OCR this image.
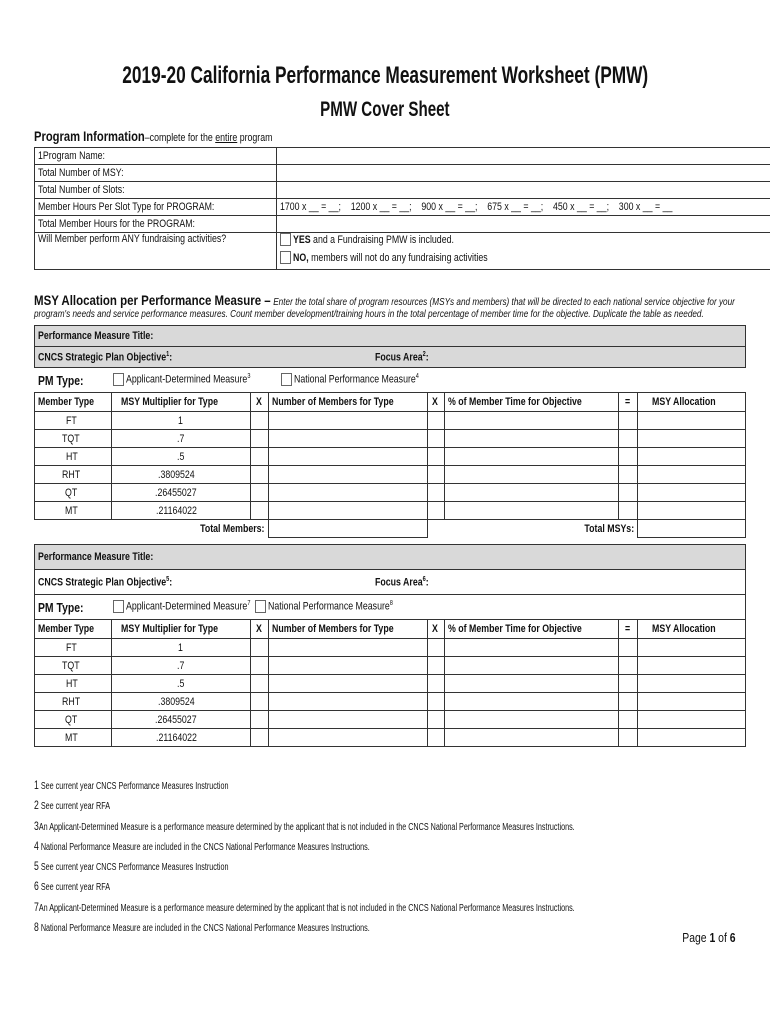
2019-20 California Performance Measurement Worksheet (PMW)
PMW Cover Sheet
Program Information–complete for the entire program
1Program Name:	
Total Number of MSY:	
Total Number of Slots:	
Member Hours Per Slot Type for PROGRAM:	1700 x __ = __;    1200 x __ = __;    900 x __ = __;    675 x __ = __;    450 x __ = __;    300 x __ = __
Total Member Hours for the PROGRAM:	
Will Member perform ANY fundraising activities?	YES and a Fundraising PMW is included.
NO, members will not do any fundraising activities
MSY Allocation per Performance Measure – Enter the total share of program resources (MSYs and members) that will be directed to each national service objective for your program's needs and service performance measures. Count member development/training hours in the total percentage of member time for the objective. Duplicate the table as needed.
Performance Measure Title:							
CNCS Strategic Plan Objective$^1$: Focus Area$^2$:							

PM Type: Applicant-Determined Measure$^3$ National Performance Measure$^4$

Member Type	MSY Multiplier for Type	X	Number of Members for Type	X	% of Member Time for Objective	=	MSY Allocation
FT	1						
TQT	.7						
HT	.5						
RHT	.3809524						
QT	.26455027						
MT	.21164022						
Total Members:				Total MSYs:			
Performance Measure Title:							
CNCS Strategic Plan Objective$^5$: Focus Area$^6$:							

PM Type: Applicant-Determined Measure$^7$ National Performance Measure$^8$

Member Type	MSY Multiplier for Type	X	Number of Members for Type	X	% of Member Time for Objective	=	MSY Allocation
FT	1						
TQT	.7						
HT	.5						
RHT	.3809524						
QT	.26455027						
MT	.21164022						
1 See current year CNCS Performance Measures Instruction
2 See current year RFA
3An Applicant-Determined Measure is a performance measure determined by the applicant that is not included in the CNCS National Performance Measures Instructions.
4 National Performance Measure are included in the CNCS National Performance Measures Instructions.
5 See current year CNCS Performance Measures Instruction
6 See current year RFA
7An Applicant-Determined Measure is a performance measure determined by the applicant that is not included in the CNCS National Performance Measures Instructions.
8 National Performance Measure are included in the CNCS National Performance Measures Instructions.
Page 1 of 6
